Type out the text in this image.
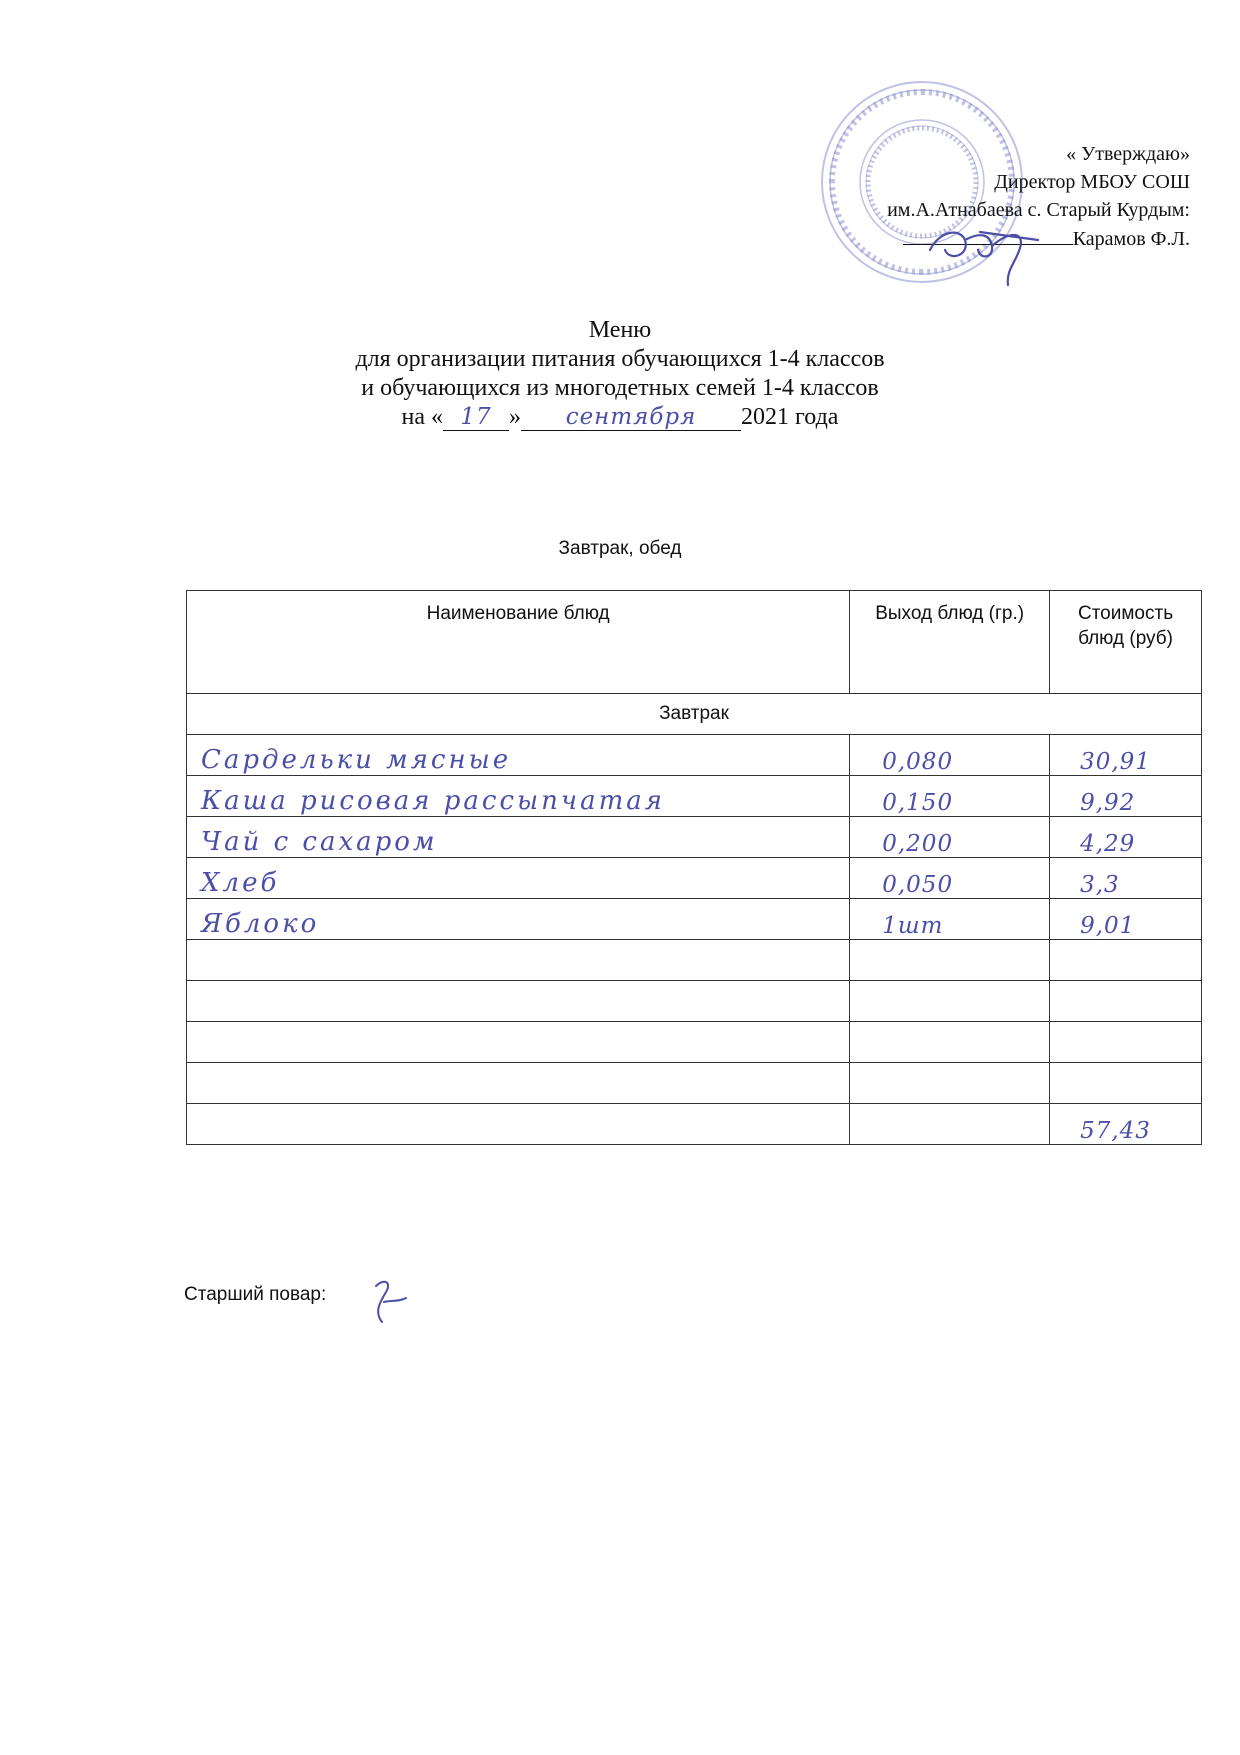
« Утверждаю»
Директор МБОУ СОШ
им.А.Атнабаева с. Старый Курдым:
Карамов Ф.Л.
Меню
для организации питания обучающихся 1-4 классов
и обучающихся из многодетных семей 1-4 классов
на « 17 » сентября 2021 года
Завтрак, обед
Наименование блюд	Выход блюд (гр.)	Стоимость блюд (руб)
Завтрак		
Сардельки мясные	0,080	30,91
Каша рисовая рассыпчатая	0,150	9,92
Чай с сахаром	0,200	4,29
Хлеб	0,050	3,3
Яблоко	1шт	9,01

		57,43
Старший повар:
